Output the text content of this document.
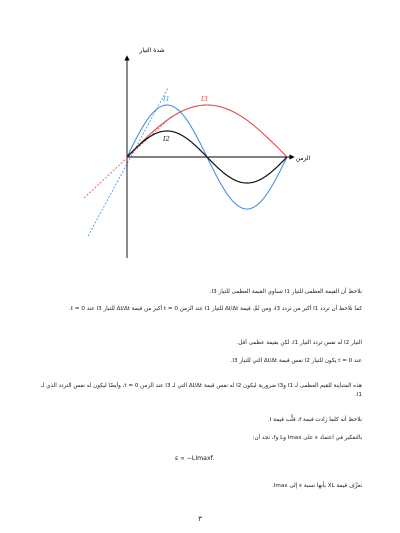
شدة التيار
الزمن
I1	I3
I2
نلاحظ أن القيمة العظمى للتيار I1 تساوي القيمة العظمى للتيار I3.
كما نلاحظ أن تردد I1 أكبر من تردد I3، ومن ثَمَّ، قيمة ΔI/Δt للتيار I1 عند الزمن t = 0 أكبر من قيمة ΔI/Δt للتيار I3 عند t = 0.
التيار I2 له نفس تردد التيار I1، لكن بقيمة عظمى أقل.
عند t = 0 يكون للتيار I2 نفس قيمة ΔI/Δt التي للتيار I3.
هذه المتباينة للقيم العظمى لـ I1 وI3 ضرورية ليكون I2 له نفس قيمة ΔI/Δt التي لـ I3 عند الزمن t = 0، وأيضًا ليكون له نفس التردد الذي لـ I1.
نلاحظ أنه كلما زادت قيمة f، قلَّت قيمة I.
بالتفكير في اعتماد ε على Imax وL وf، نجد أن:
ε ∝ −LImaxf.
تعرَّف قيمة XL بأنها نسبة ε إلى Imax.
٣
